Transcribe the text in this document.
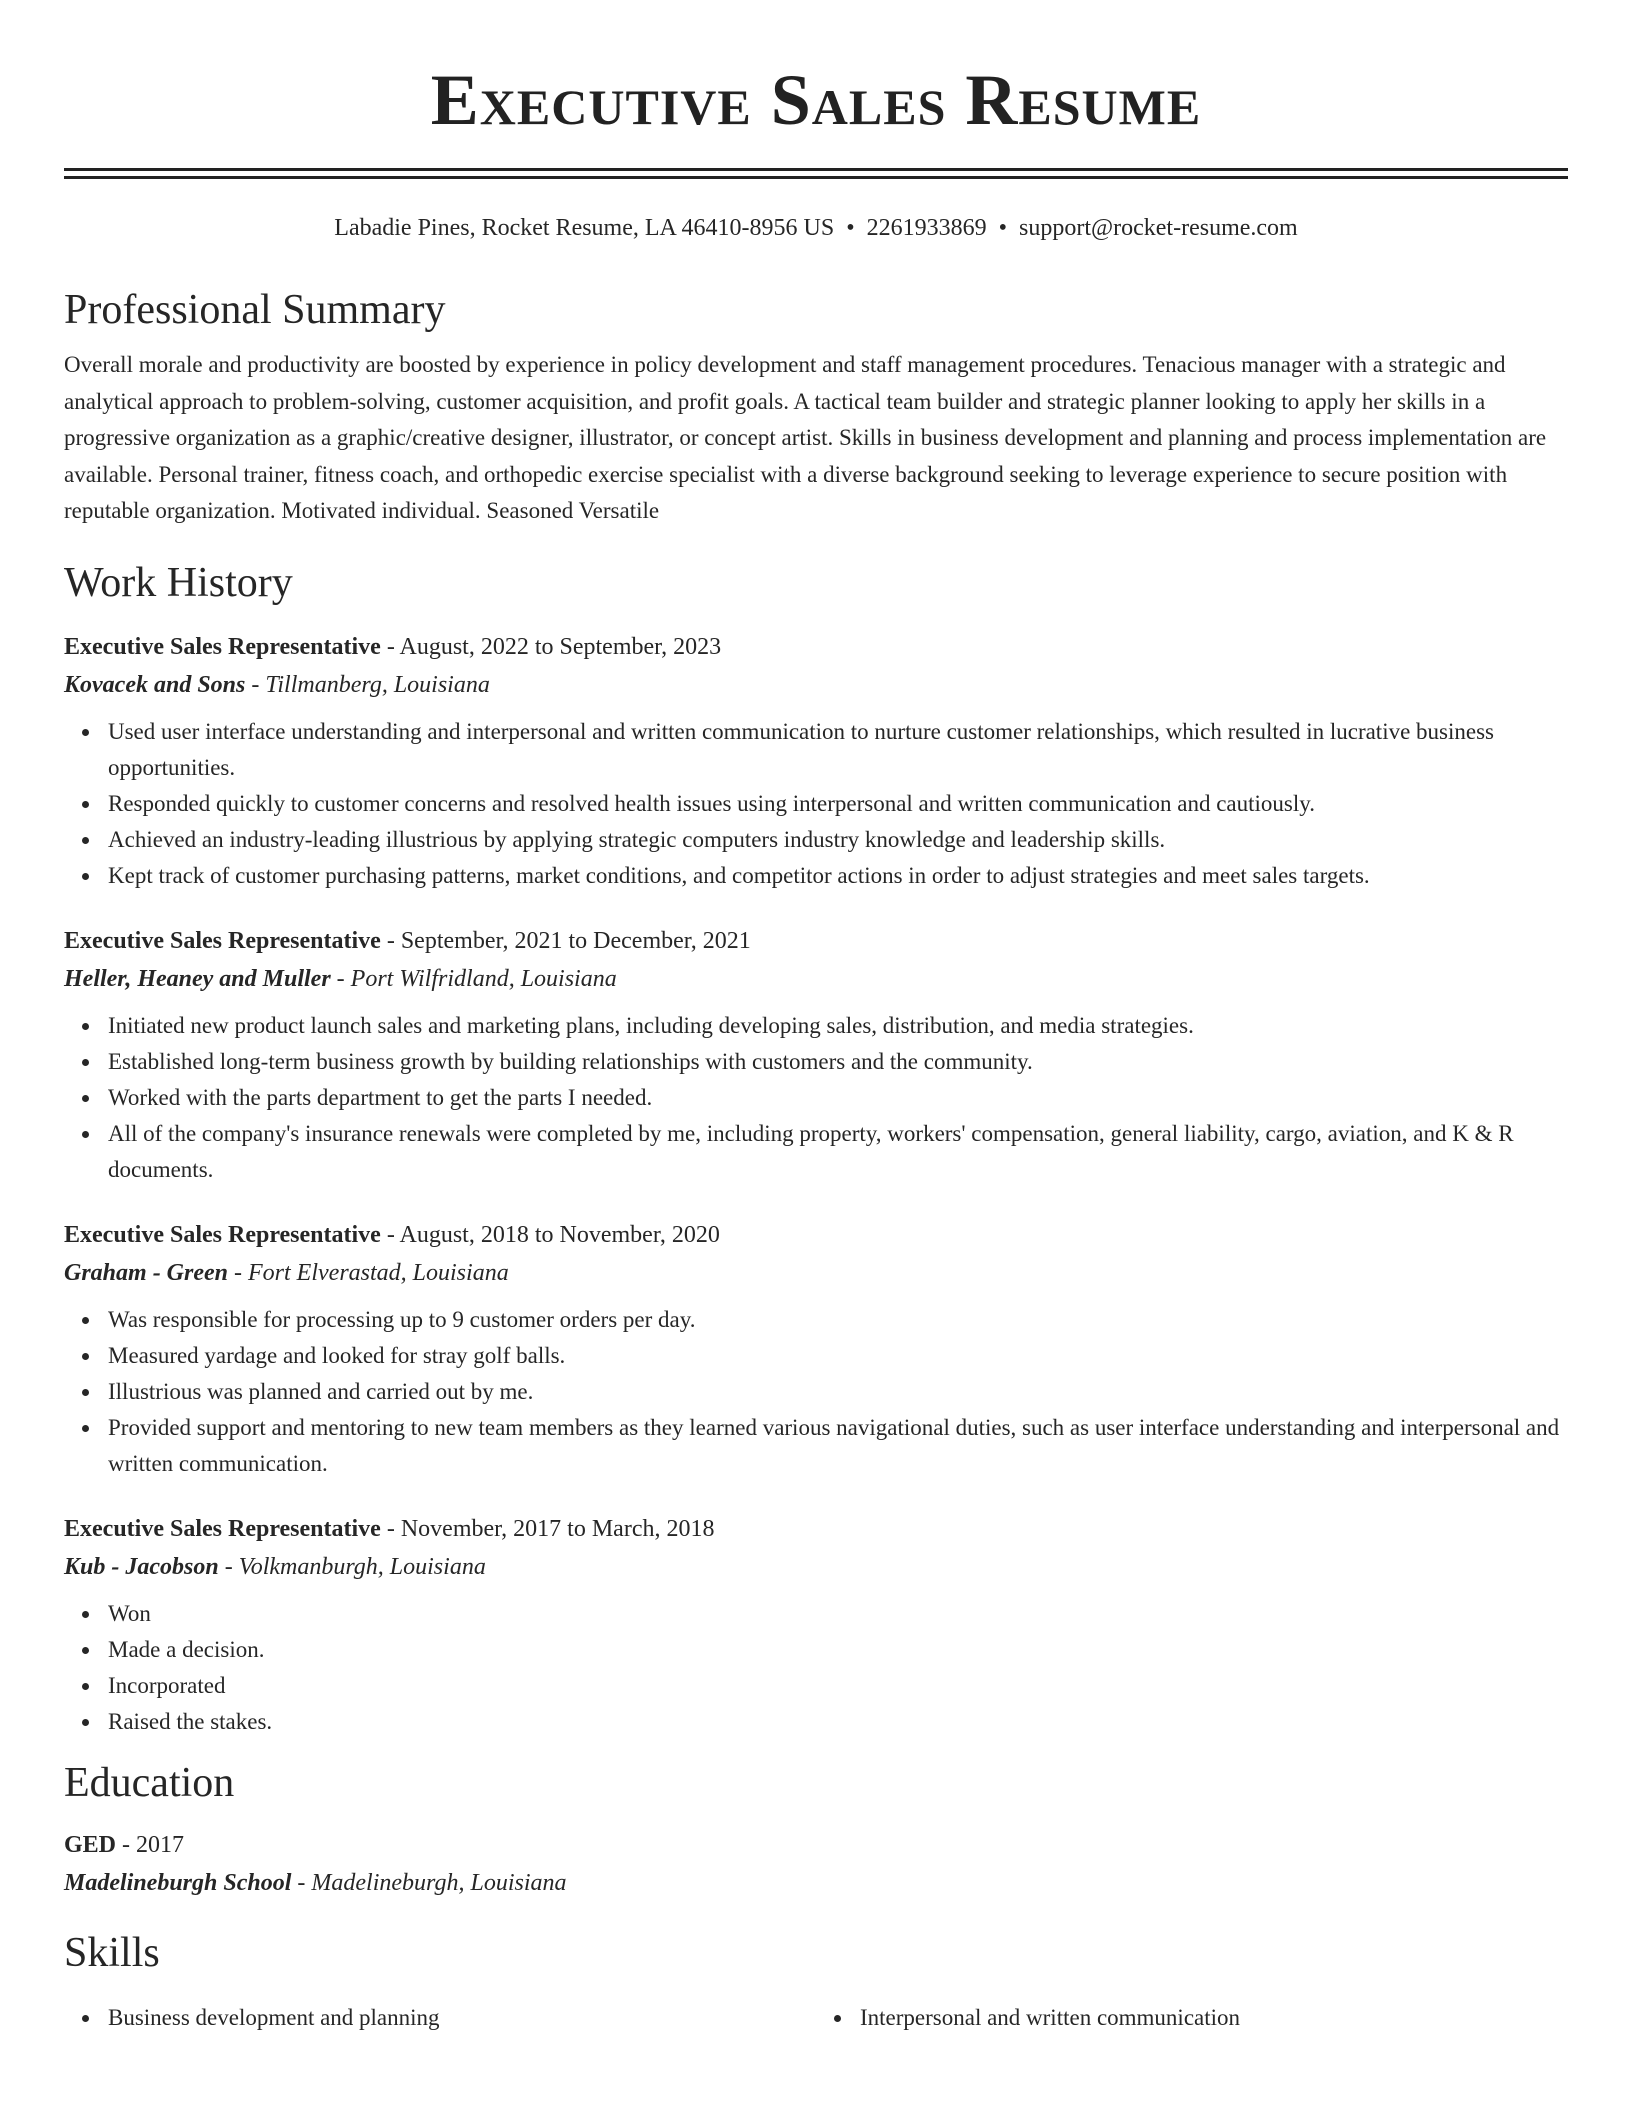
Executive Sales Resume
Labadie Pines, Rocket Resume, LA 46410-8956 US • 2261933869 • support@rocket-resume.com
Professional Summary

Overall morale and productivity are boosted by experience in policy development and staff management procedures. Tenacious manager with a strategic and analytical approach to problem-solving, customer acquisition, and profit goals. A tactical team builder and strategic planner looking to apply her skills in a progressive organization as a graphic/creative designer, illustrator, or concept artist. Skills in business development and planning and process implementation are available. Personal trainer, fitness coach, and orthopedic exercise specialist with a diverse background seeking to leverage experience to secure position with reputable organization. Motivated individual. Seasoned Versatile

Work History
Executive Sales Representative - August, 2022 to September, 2023
Kovacek and Sons - Tillmanberg, Louisiana
Used user interface understanding and interpersonal and written communication to nurture customer relationships, which resulted in lucrative business opportunities.
Responded quickly to customer concerns and resolved health issues using interpersonal and written communication and cautiously.
Achieved an industry-leading illustrious by applying strategic computers industry knowledge and leadership skills.
Kept track of customer purchasing patterns, market conditions, and competitor actions in order to adjust strategies and meet sales targets.
Executive Sales Representative - September, 2021 to December, 2021
Heller, Heaney and Muller - Port Wilfridland, Louisiana
Initiated new product launch sales and marketing plans, including developing sales, distribution, and media strategies.
Established long-term business growth by building relationships with customers and the community.
Worked with the parts department to get the parts I needed.
All of the company's insurance renewals were completed by me, including property, workers' compensation, general liability, cargo, aviation, and K & R documents.
Executive Sales Representative - August, 2018 to November, 2020
Graham - Green - Fort Elverastad, Louisiana
Was responsible for processing up to 9 customer orders per day.
Measured yardage and looked for stray golf balls.
Illustrious was planned and carried out by me.
Provided support and mentoring to new team members as they learned various navigational duties, such as user interface understanding and interpersonal and written communication.
Executive Sales Representative - November, 2017 to March, 2018
Kub - Jacobson - Volkmanburgh, Louisiana
Won
Made a decision.
Incorporated
Raised the stakes.
Education
GED - 2017
Madelineburgh School - Madelineburgh, Louisiana
Skills
Business development and planning	Interpersonal and written communication
